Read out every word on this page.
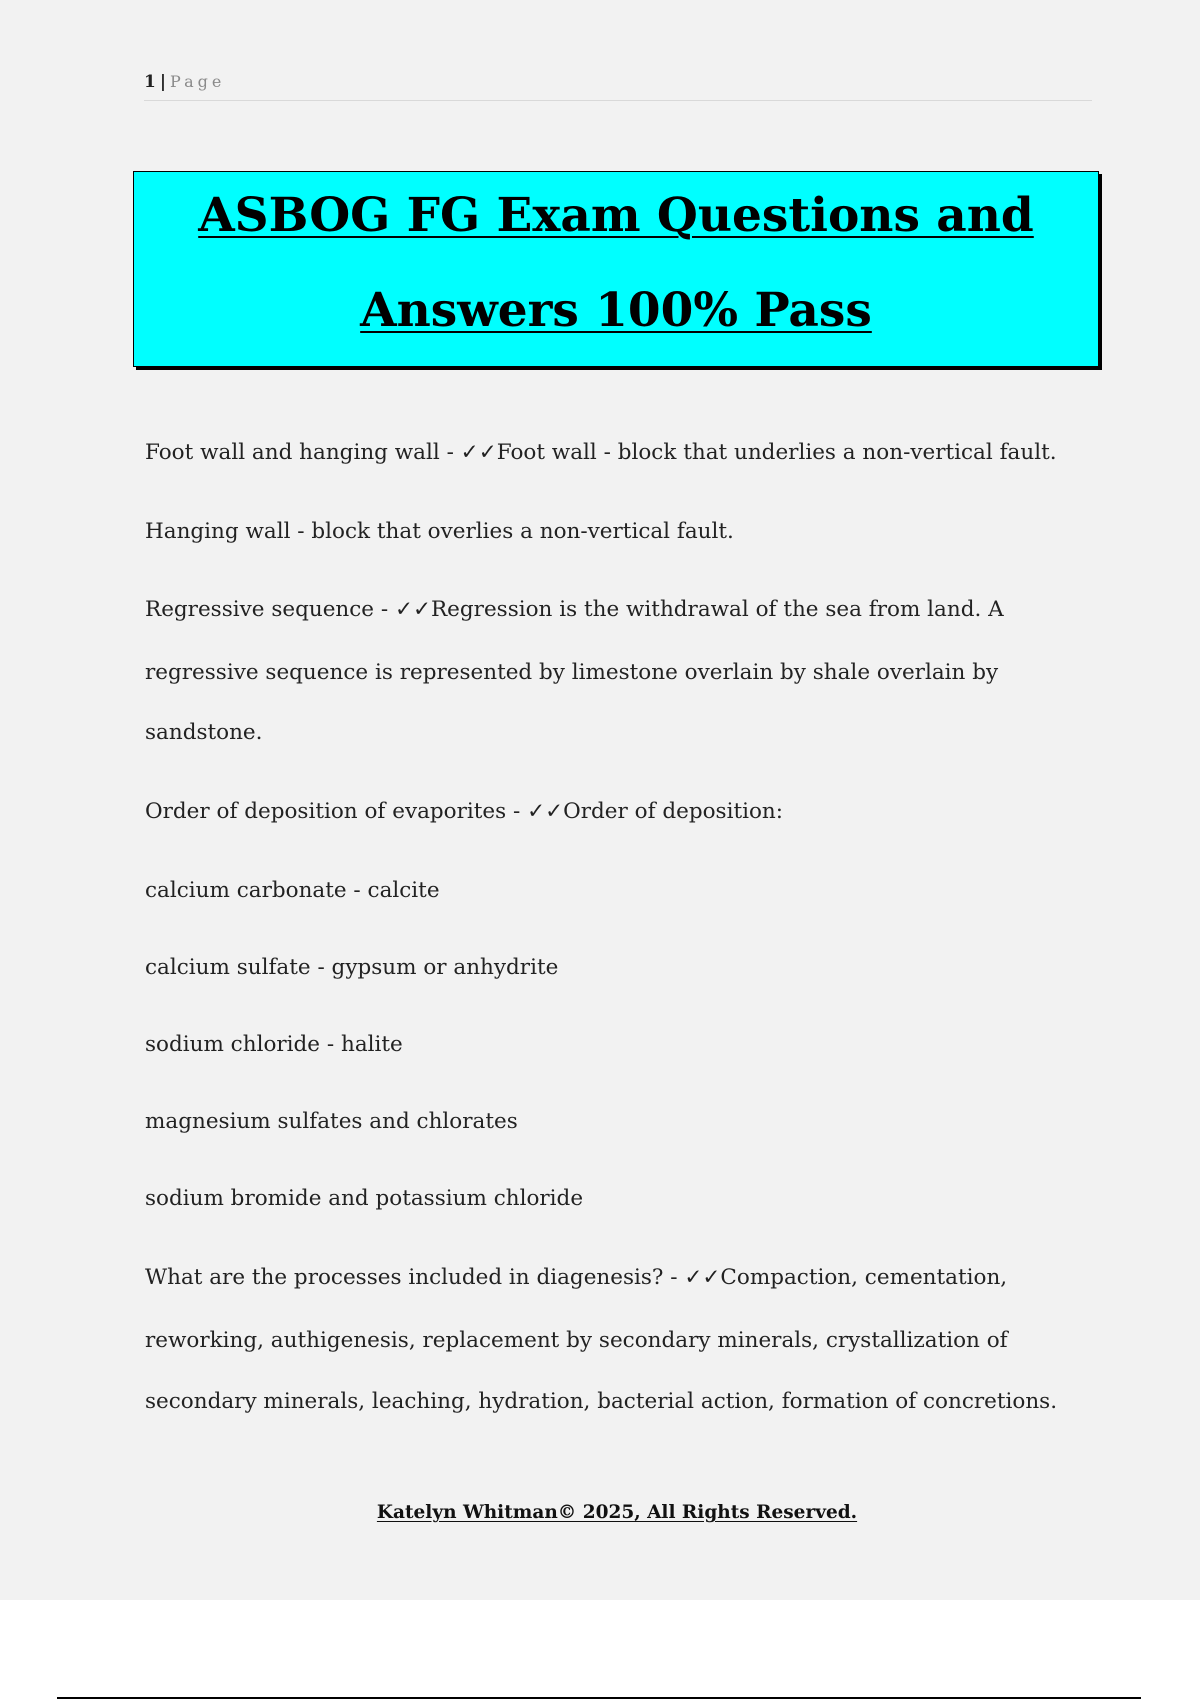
1 | Page
ASBOG FG Exam Questions and
Answers 100% Pass

Foot wall and hanging wall - ✓✓Foot wall - block that underlies a non-vertical fault.

Hanging wall - block that overlies a non-vertical fault.

Regressive sequence - ✓✓Regression is the withdrawal of the sea from land. A

regressive sequence is represented by limestone overlain by shale overlain by

sandstone.

Order of deposition of evaporites - ✓✓Order of deposition:

calcium carbonate - calcite

calcium sulfate - gypsum or anhydrite

sodium chloride - halite

magnesium sulfates and chlorates

sodium bromide and potassium chloride

What are the processes included in diagenesis? - ✓✓Compaction, cementation,

reworking, authigenesis, replacement by secondary minerals, crystallization of

secondary minerals, leaching, hydration, bacterial action, formation of concretions.

Katelyn Whitman© 2025, All Rights Reserved.
